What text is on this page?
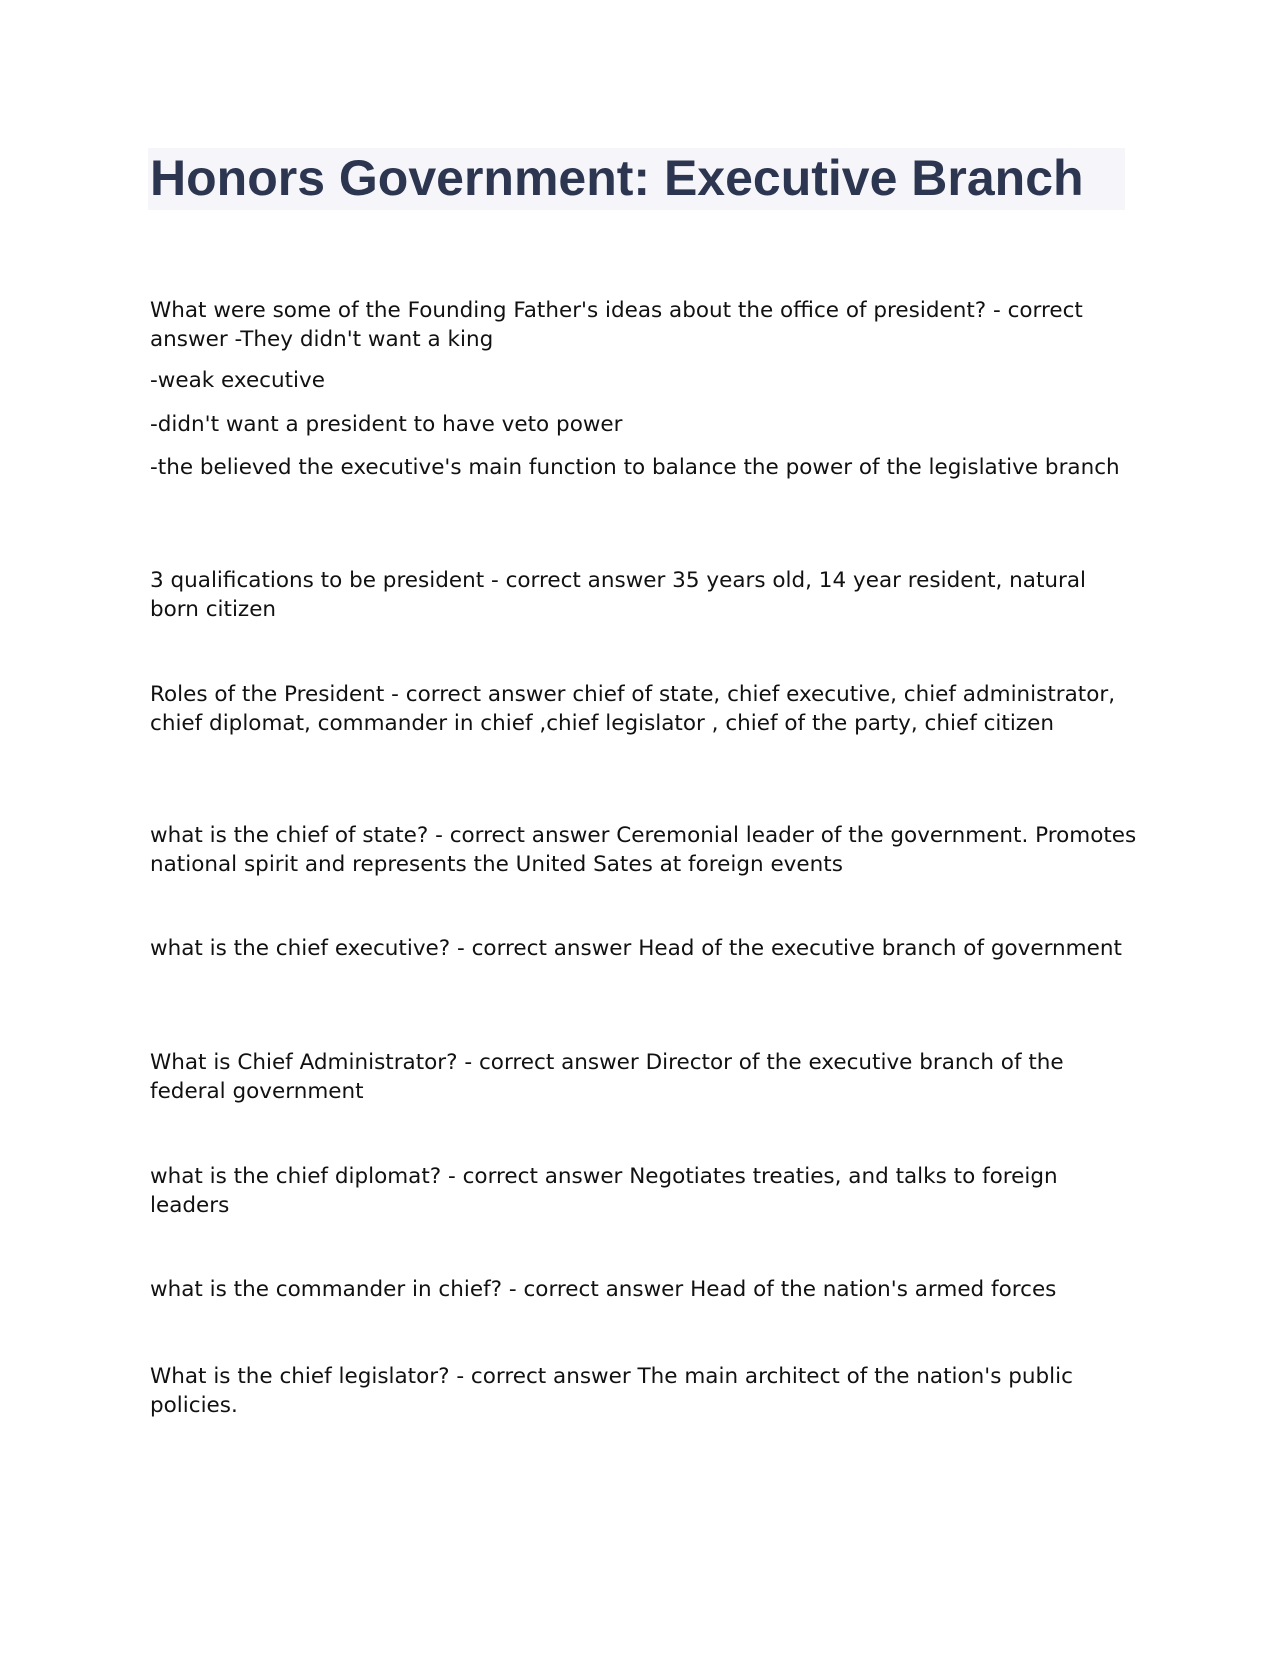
Honors Government: Executive Branch

What were some of the Founding Father's ideas about the office of president? - correct answer -They didn't want a king

-weak executive

-didn't want a president to have veto power

-the believed the executive's main function to balance the power of the legislative branch

3 qualifications to be president - correct answer 35 years old, 14 year resident, natural born citizen

Roles of the President - correct answer chief of state, chief executive, chief administrator, chief diplomat, commander in chief ,chief legislator , chief of the party, chief citizen

what is the chief of state? - correct answer Ceremonial leader of the government. Promotes national spirit and represents the United Sates at foreign events

what is the chief executive? - correct answer Head of the executive branch of government

What is Chief Administrator? - correct answer Director of the executive branch of the federal government

what is the chief diplomat? - correct answer Negotiates treaties, and talks to foreign leaders

what is the commander in chief? - correct answer Head of the nation's armed forces

What is the chief legislator? - correct answer The main architect of the nation's public policies.
